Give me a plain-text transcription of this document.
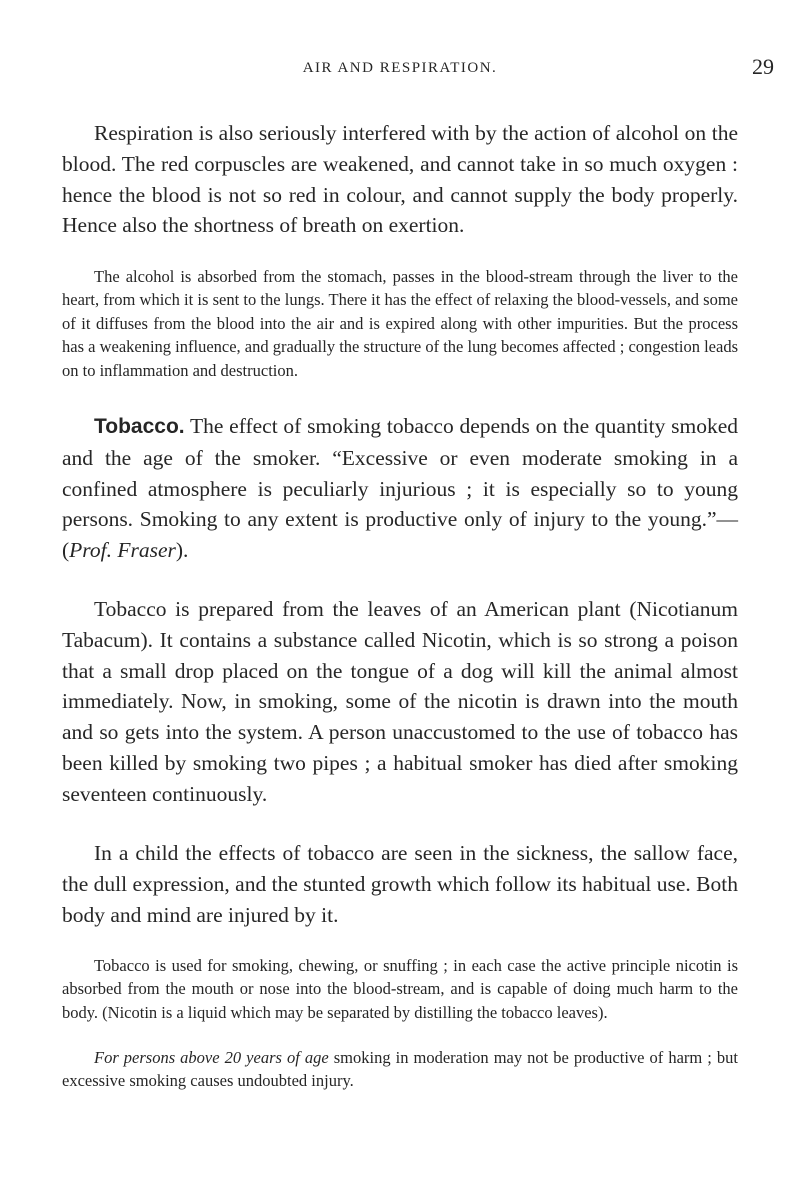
AIR AND RESPIRATION.	29

Respiration is also seriously interfered with by the action of alcohol on the blood. The red corpuscles are weakened, and cannot take in so much oxygen : hence the blood is not so red in colour, and cannot supply the body properly. Hence also the shortness of breath on exertion.

The alcohol is absorbed from the stomach, passes in the blood-stream through the liver to the heart, from which it is sent to the lungs. There it has the effect of relaxing the blood-vessels, and some of it diffuses from the blood into the air and is expired along with other impurities. But the process has a weakening influence, and gradually the structure of the lung becomes affected ; congestion leads on to inflammation and destruction.

Tobacco. The effect of smoking tobacco depends on the quantity smoked and the age of the smoker. “Excessive or even moderate smoking in a confined atmosphere is peculiarly injurious ; it is especially so to young persons. Smoking to any extent is productive only of injury to the young.”—(Prof. Fraser).

Tobacco is prepared from the leaves of an American plant (Nicotianum Tabacum). It contains a substance called Nicotin, which is so strong a poison that a small drop placed on the tongue of a dog will kill the animal almost immediately. Now, in smoking, some of the nicotin is drawn into the mouth and so gets into the system. A person unaccustomed to the use of tobacco has been killed by smoking two pipes ; a habitual smoker has died after smoking seventeen continuously.

In a child the effects of tobacco are seen in the sickness, the sallow face, the dull expression, and the stunted growth which follow its habitual use. Both body and mind are injured by it.

Tobacco is used for smoking, chewing, or snuffing ; in each case the active principle nicotin is absorbed from the mouth or nose into the blood-stream, and is capable of doing much harm to the body. (Nicotin is a liquid which may be separated by distilling the tobacco leaves).

For persons above 20 years of age smoking in moderation may not be productive of harm ; but excessive smoking causes undoubted injury.
